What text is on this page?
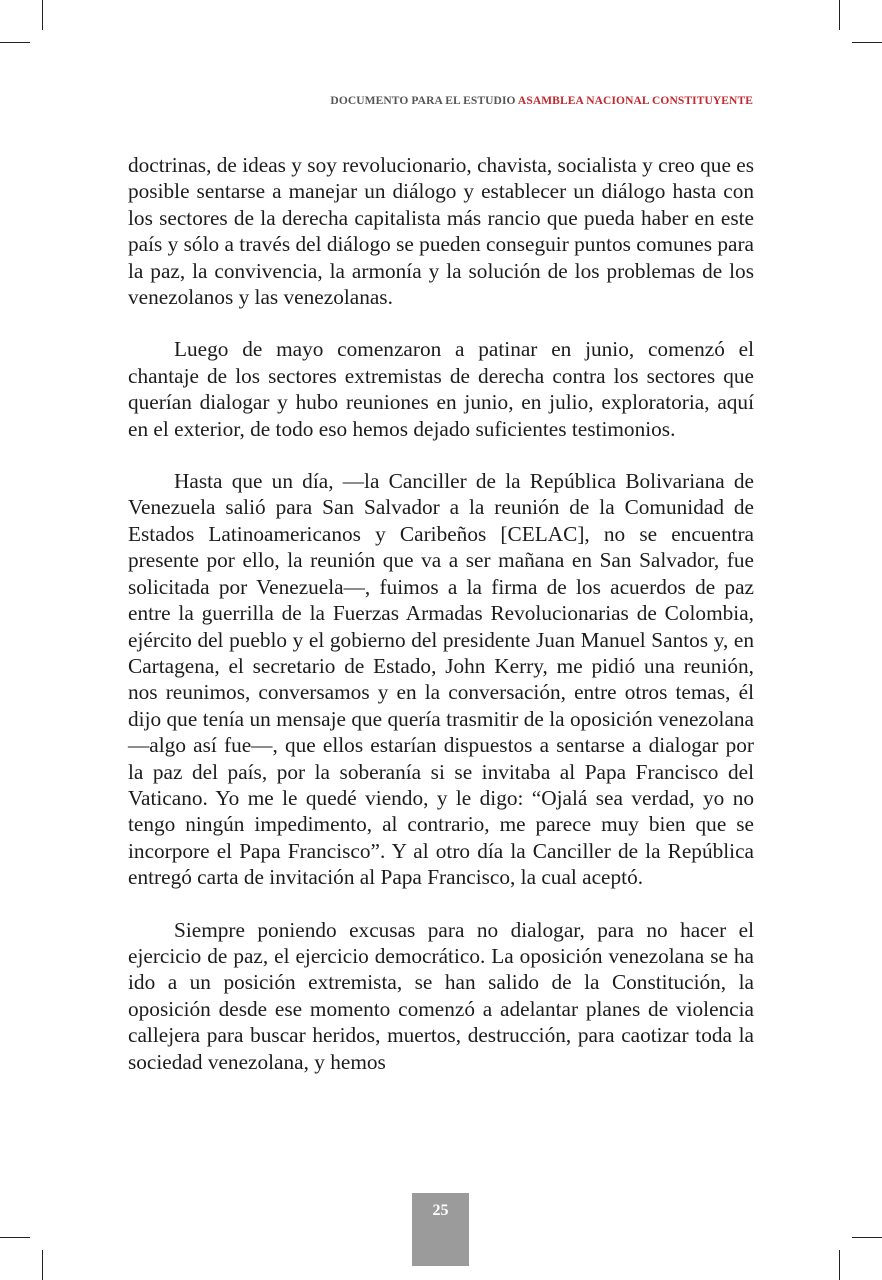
DOCUMENTO PARA EL ESTUDIO ASAMBLEA NACIONAL CONSTITUYENTE

doctrinas, de ideas y soy revolucionario, chavista, socialista y creo que es posible sentarse a manejar un diálogo y establecer un diálogo hasta con los sectores de la derecha capitalista más rancio que pueda haber en este país y sólo a través del diálogo se pueden conseguir puntos comunes para la paz, la convivencia, la armonía y la solución de los problemas de los venezolanos y las venezolanas.

Luego de mayo comenzaron a patinar en junio, comenzó el chantaje de los sectores extremistas de derecha contra los sectores que querían dialogar y hubo reuniones en junio, en julio, exploratoria, aquí en el exterior, de todo eso hemos dejado suficientes testimonios.

Hasta que un día, —la Canciller de la República Bolivariana de Venezuela salió para San Salvador a la reunión de la Comunidad de Estados Latinoamericanos y Caribeños [CELAC], no se encuentra presente por ello, la reunión que va a ser mañana en San Salvador, fue solicitada por Venezuela—, fuimos a la firma de los acuerdos de paz entre la guerrilla de la Fuerzas Armadas Revolucionarias de Colombia, ejército del pueblo y el gobierno del presidente Juan Manuel Santos y, en Cartagena, el secretario de Estado, John Kerry, me pidió una reunión, nos reunimos, conversamos y en la conversación, entre otros temas, él dijo que tenía un mensaje que quería trasmitir de la oposición venezolana —algo así fue—, que ellos estarían dispuestos a sentarse a dialogar por la paz del país, por la soberanía si se invitaba al Papa Francisco del Vaticano. Yo me le quedé viendo, y le digo: “Ojalá sea verdad, yo no tengo ningún impedimento, al contrario, me parece muy bien que se incorpore el Papa Francisco”. Y al otro día la Canciller de la República entregó carta de invitación al Papa Francisco, la cual aceptó.

Siempre poniendo excusas para no dialogar, para no hacer el ejercicio de paz, el ejercicio democrático. La oposición venezolana se ha ido a un posición extremista, se han salido de la Constitución, la oposición desde ese momento comenzó a adelantar planes de violencia callejera para buscar heridos, muertos, destrucción, para caotizar toda la sociedad venezolana, y hemos

25
